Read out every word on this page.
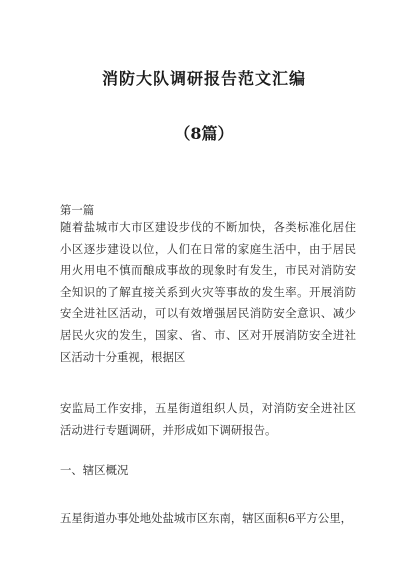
消防大队调研报告范文汇编
（8篇）
第一篇
随着盐城市大市区建设步伐的不断加快，各类标准化居住
小区逐步建设以位，人们在日常的家庭生活中，由于居民
用火用电不慎而酿成事故的现象时有发生，市民对消防安
全知识的了解直接关系到火灾等事故的发生率。开展消防
安全进社区活动，可以有效增强居民消防安全意识、减少
居民火灾的发生，国家、省、市、区对开展消防安全进社
区活动十分重视，根据区
安监局工作安排，五星街道组织人员，对消防安全进社区
活动进行专题调研，并形成如下调研报告。
一、辖区概况
五星街道办事处地处盐城市区东南，辖区面积6平方公里，
